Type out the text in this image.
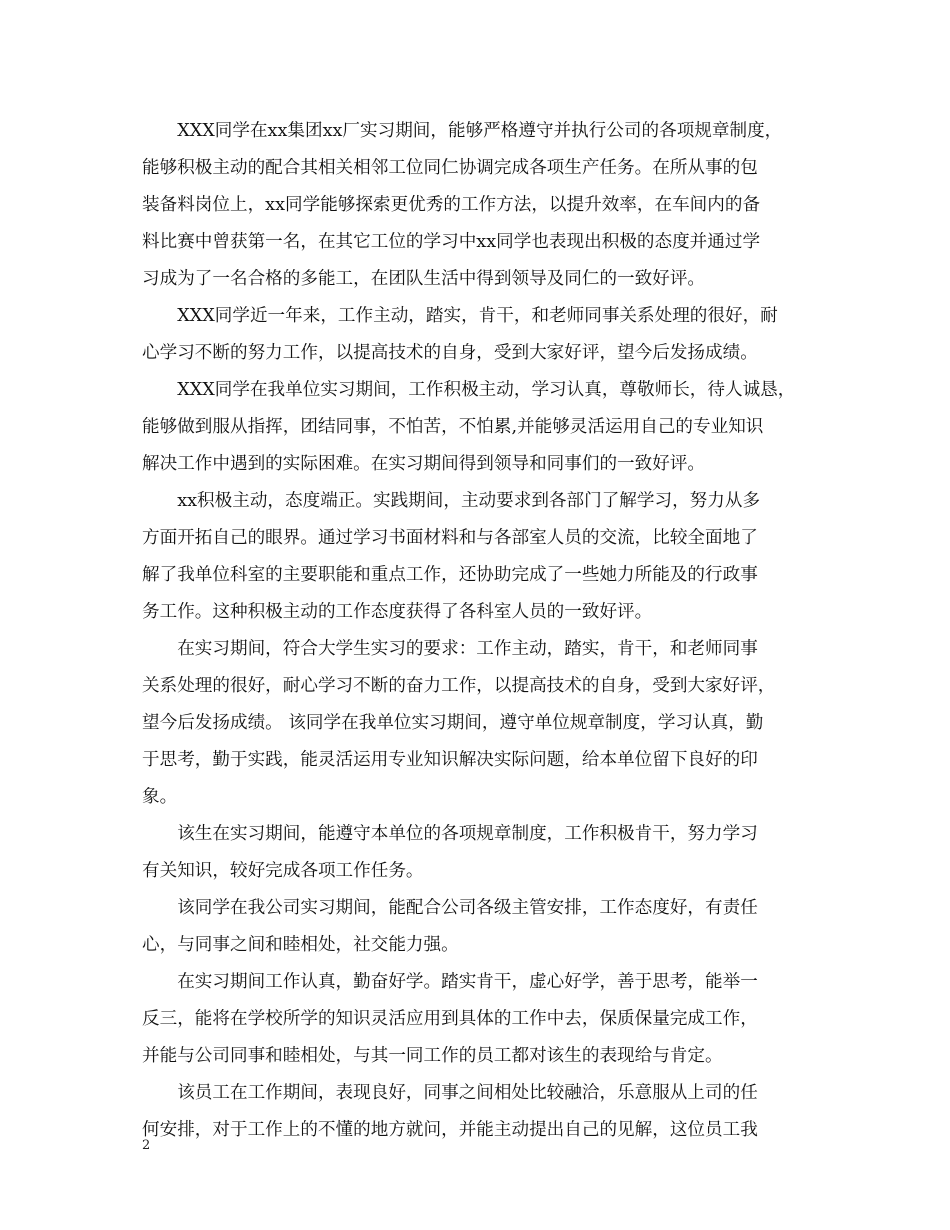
　　XXX同学在xx集团xx厂实习期间，能够严格遵守并执行公司的各项规章制度，
能够积极主动的配合其相关相邻工位同仁协调完成各项生产任务。在所从事的包
装备料岗位上，xx同学能够探索更优秀的工作方法，以提升效率，在车间内的备
料比赛中曾获第一名，在其它工位的学习中xx同学也表现出积极的态度并通过学
习成为了一名合格的多能工，在团队生活中得到领导及同仁的一致好评。
　　XXX同学近一年来，工作主动，踏实，肯干，和老师同事关系处理的很好，耐
心学习不断的努力工作，以提高技术的自身，受到大家好评，望今后发扬成绩。
　　XXX同学在我单位实习期间，工作积极主动，学习认真，尊敬师长，待人诚恳，
能够做到服从指挥，团结同事，不怕苦，不怕累,并能够灵活运用自己的专业知识
解决工作中遇到的实际困难。在实习期间得到领导和同事们的一致好评。
　　xx积极主动，态度端正。实践期间，主动要求到各部门了解学习，努力从多
方面开拓自己的眼界。通过学习书面材料和与各部室人员的交流，比较全面地了
解了我单位科室的主要职能和重点工作，还协助完成了一些她力所能及的行政事
务工作。这种积极主动的工作态度获得了各科室人员的一致好评。
　　在实习期间，符合大学生实习的要求：工作主动，踏实，肯干，和老师同事
关系处理的很好，耐心学习不断的奋力工作，以提高技术的自身，受到大家好评，
望今后发扬成绩。 该同学在我单位实习期间，遵守单位规章制度，学习认真，勤
于思考，勤于实践，能灵活运用专业知识解决实际问题，给本单位留下良好的印
象。
　　该生在实习期间，能遵守本单位的各项规章制度，工作积极肯干，努力学习
有关知识，较好完成各项工作任务。
　　该同学在我公司实习期间，能配合公司各级主管安排，工作态度好，有责任
心，与同事之间和睦相处，社交能力强。
　　在实习期间工作认真，勤奋好学。踏实肯干，虚心好学，善于思考，能举一
反三，能将在学校所学的知识灵活应用到具体的工作中去，保质保量完成工作，
并能与公司同事和睦相处，与其一同工作的员工都对该生的表现给与肯定。
　　该员工在工作期间，表现良好，同事之间相处比较融洽，乐意服从上司的任
何安排，对于工作上的不懂的地方就问，并能主动提出自己的见解，这位员工我
2
